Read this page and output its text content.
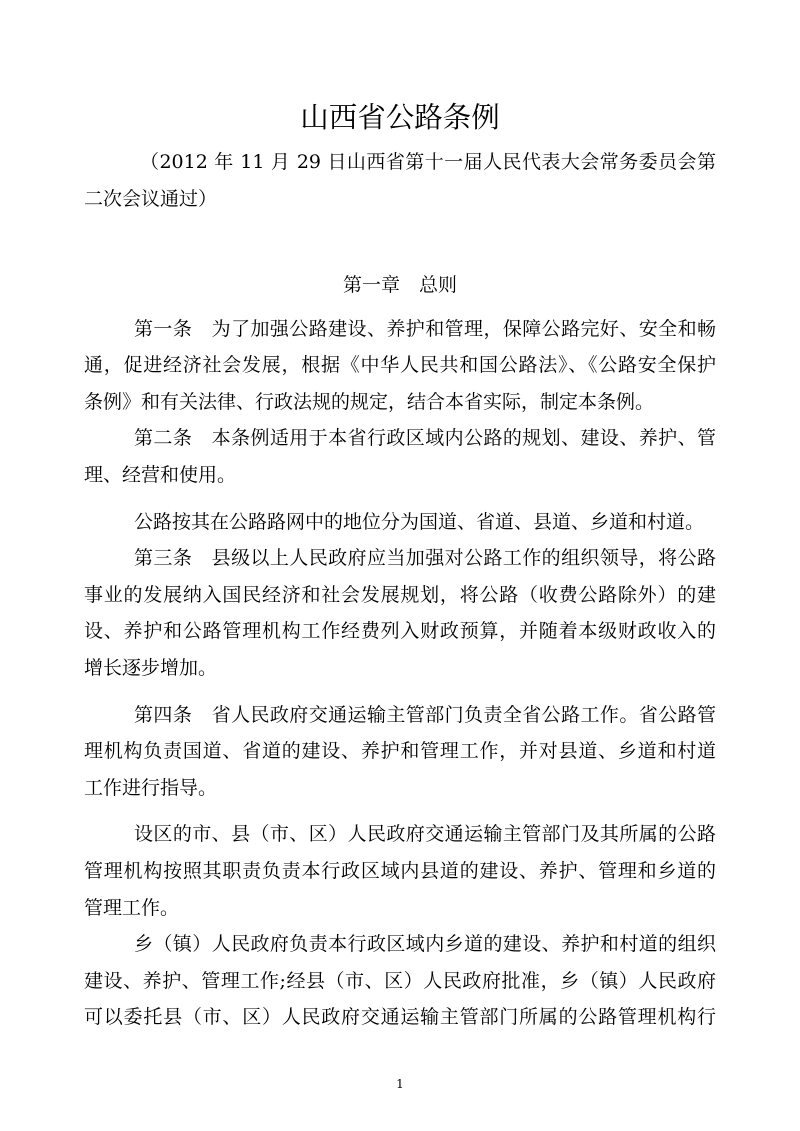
山西省公路条例
（2012 年 11 月 29 日山西省第十一届人民代表大会常务委员会第
二次会议通过）
第一章　总则
第一条　为了加强公路建设、养护和管理，保障公路完好、安全和畅
通，促进经济社会发展，根据《中华人民共和国公路法》、《公路安全保护
条例》和有关法律、行政法规的规定，结合本省实际，制定本条例。
第二条　本条例适用于本省行政区域内公路的规划、建设、养护、管
理、经营和使用。
公路按其在公路路网中的地位分为国道、省道、县道、乡道和村道。
第三条　县级以上人民政府应当加强对公路工作的组织领导，将公路
事业的发展纳入国民经济和社会发展规划，将公路（收费公路除外）的建
设、养护和公路管理机构工作经费列入财政预算，并随着本级财政收入的
增长逐步增加。
第四条　省人民政府交通运输主管部门负责全省公路工作。省公路管
理机构负责国道、省道的建设、养护和管理工作，并对县道、乡道和村道
工作进行指导。
设区的市、县（市、区）人民政府交通运输主管部门及其所属的公路
管理机构按照其职责负责本行政区域内县道的建设、养护、管理和乡道的
管理工作。
乡（镇）人民政府负责本行政区域内乡道的建设、养护和村道的组织
建设、养护、管理工作;经县（市、区）人民政府批准，乡（镇）人民政府
可以委托县（市、区）人民政府交通运输主管部门所属的公路管理机构行
1
